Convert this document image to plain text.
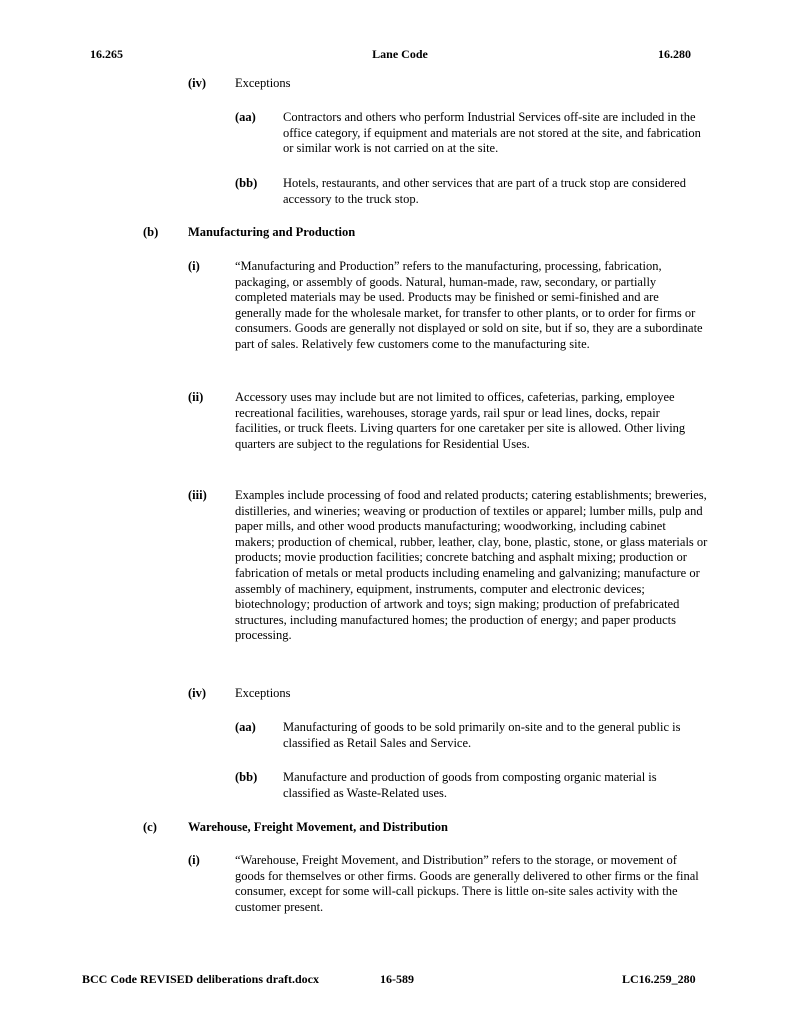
16.265	Lane Code	16.280
(iv)	Exceptions
(aa)	Contractors and others who perform Industrial Services off-site are included in the office category, if equipment and materials are not stored at the site, and fabrication or similar work is not carried on at the site.
(bb)	Hotels, restaurants, and other services that are part of a truck stop are considered accessory to the truck stop.
(b)	Manufacturing and Production
(i)	“Manufacturing and Production” refers to the manufacturing, processing, fabrication, packaging, or assembly of goods. Natural, human-made, raw, secondary, or partially completed materials may be used. Products may be finished or semi-finished and are generally made for the wholesale market, for transfer to other plants, or to order for firms or consumers. Goods are generally not displayed or sold on site, but if so, they are a subordinate part of sales. Relatively few customers come to the manufacturing site.
(ii)	Accessory uses may include but are not limited to offices, cafeterias, parking, employee recreational facilities, warehouses, storage yards, rail spur or lead lines, docks, repair facilities, or truck fleets. Living quarters for one caretaker per site is allowed. Other living quarters are subject to the regulations for Residential Uses.
(iii)	Examples include processing of food and related products; catering establishments; breweries, distilleries, and wineries; weaving or production of textiles or apparel; lumber mills, pulp and paper mills, and other wood products manufacturing; woodworking, including cabinet makers; production of chemical, rubber, leather, clay, bone, plastic, stone, or glass materials or products; movie production facilities; concrete batching and asphalt mixing; production or fabrication of metals or metal products including enameling and galvanizing; manufacture or assembly of machinery, equipment, instruments, computer and electronic devices; biotechnology; production of artwork and toys; sign making; production of prefabricated structures, including manufactured homes; the production of energy; and paper products processing.
(iv)	Exceptions
(aa)	Manufacturing of goods to be sold primarily on-site and to the general public is classified as Retail Sales and Service.
(bb)	Manufacture and production of goods from composting organic material is classified as Waste-Related uses.
(c)	Warehouse, Freight Movement, and Distribution
(i)	“Warehouse, Freight Movement, and Distribution” refers to the storage, or movement of goods for themselves or other firms. Goods are generally delivered to other firms or the final consumer, except for some will-call pickups. There is little on-site sales activity with the customer present.
BCC Code REVISED deliberations draft.docx	16-589	LC16.259_280
